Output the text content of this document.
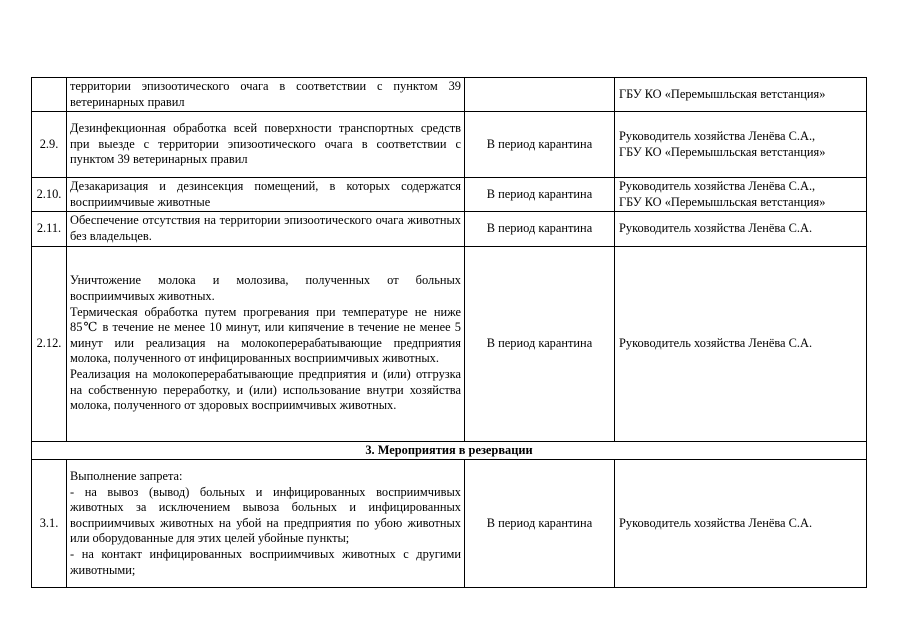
	территории эпизоотического очага в соответствии с пунктом 39 ветеринарных правил		ГБУ КО «Перемышльская ветстанция»

2.9.	Дезинфекционная обработка всей поверхности транспортных средств при выезде с территории эпизоотического очага в соответствии с пунктом 39 ветеринарных правил	В период карантина	Руководитель хозяйства Ленёва С.А.,
ГБУ КО «Перемышльская ветстанция»

2.10.	Дезакаризация и дезинсекция помещений, в которых содержатся восприимчивые животные	В период карантина	Руководитель хозяйства Ленёва С.А.,
ГБУ КО «Перемышльская ветстанция»

2.11.	Обеспечение отсутствия на территории эпизоотического очага животных без владельцев.	В период карантина	Руководитель хозяйства Ленёва С.А.

2.12.	Уничтожение молока и молозива, полученных от больных восприимчивых животных.
Термическая обработка путем прогревания при температуре не ниже 85℃ в течение не менее 10 минут, или кипячение в течение не менее 5 минут или реализация на молокоперерабатывающие предприятия молока, полученного от инфицированных восприимчивых животных.
Реализация на молокоперерабатывающие предприятия и (или) отгрузка на собственную переработку, и (или) использование внутри хозяйства молока, полученного от здоровых восприимчивых животных.	В период карантина	Руководитель хозяйства Ленёва С.А.

3. Мероприятия в резервации			
3.1.	Выполнение запрета:
- на вывоз (вывод) больных и инфицированных восприимчивых животных за исключением вывоза больных и инфицированных восприимчивых животных на убой на предприятия по убою животных или оборудованные для этих целей убойные пункты;
- на контакт инфицированных восприимчивых животных с другими животными;	В период карантина	Руководитель хозяйства Ленёва С.А.
